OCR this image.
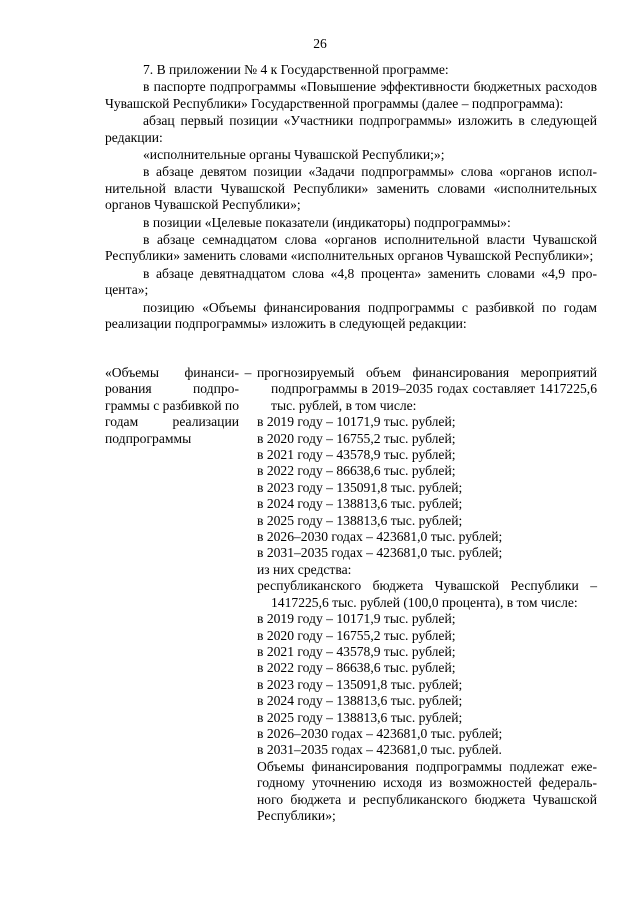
26

7. В приложении № 4 к Государственной программе:

в паспорте подпрограммы «Повышение эффективности бюджетных расходов Чувашской Республики» Государственной программы (далее – подпрограмма):

абзац первый позиции «Участники подпрограммы» изложить в следующей редакции:

«исполнительные органы Чувашской Республики;»;

в абзаце девятом позиции «Задачи подпрограммы» слова «органов исполнительной власти Чувашской Республики» заменить словами «исполнительных органов Чувашской Республики»;

в позиции «Целевые показатели (индикаторы) подпрограммы»:

в абзаце семнадцатом слова «органов исполнительной власти Чувашской Республики» заменить словами «исполнительных органов Чувашской Республики»;

в абзаце девятнадцатом слова «4,8 процента» заменить словами «4,9 процента»;

позицию «Объемы финансирования подпрограммы с разбивкой по годам реализации подпрограммы» изложить в следующей редакции:

«Объемы финансирования подпрограммы с разбивкой по годам реализации подпрограммы
– прогнозируемый объем финансирования мероприятий подпрограммы в 2019–2035 годах составляет 1417225,6 тыс. рублей, в том числе:

в 2019 году – 10171,9 тыс. рублей;

в 2020 году – 16755,2 тыс. рублей;

в 2021 году – 43578,9 тыс. рублей;

в 2022 году – 86638,6 тыс. рублей;

в 2023 году – 135091,8 тыс. рублей;

в 2024 году – 138813,6 тыс. рублей;

в 2025 году – 138813,6 тыс. рублей;

в 2026–2030 годах – 423681,0 тыс. рублей;

в 2031–2035 годах – 423681,0 тыс. рублей;

из них средства:

республиканского бюджета Чувашской Республики – 1417225,6 тыс. рублей (100,0 процента), в том числе:

в 2019 году – 10171,9 тыс. рублей;

в 2020 году – 16755,2 тыс. рублей;

в 2021 году – 43578,9 тыс. рублей;

в 2022 году – 86638,6 тыс. рублей;

в 2023 году – 135091,8 тыс. рублей;

в 2024 году – 138813,6 тыс. рублей;

в 2025 году – 138813,6 тыс. рублей;

в 2026–2030 годах – 423681,0 тыс. рублей;

в 2031–2035 годах – 423681,0 тыс. рублей.

Объемы финансирования подпрограммы подлежат ежегодному уточнению исходя из возможностей федерального бюджета и республиканского бюджета Чувашской Республики»;
